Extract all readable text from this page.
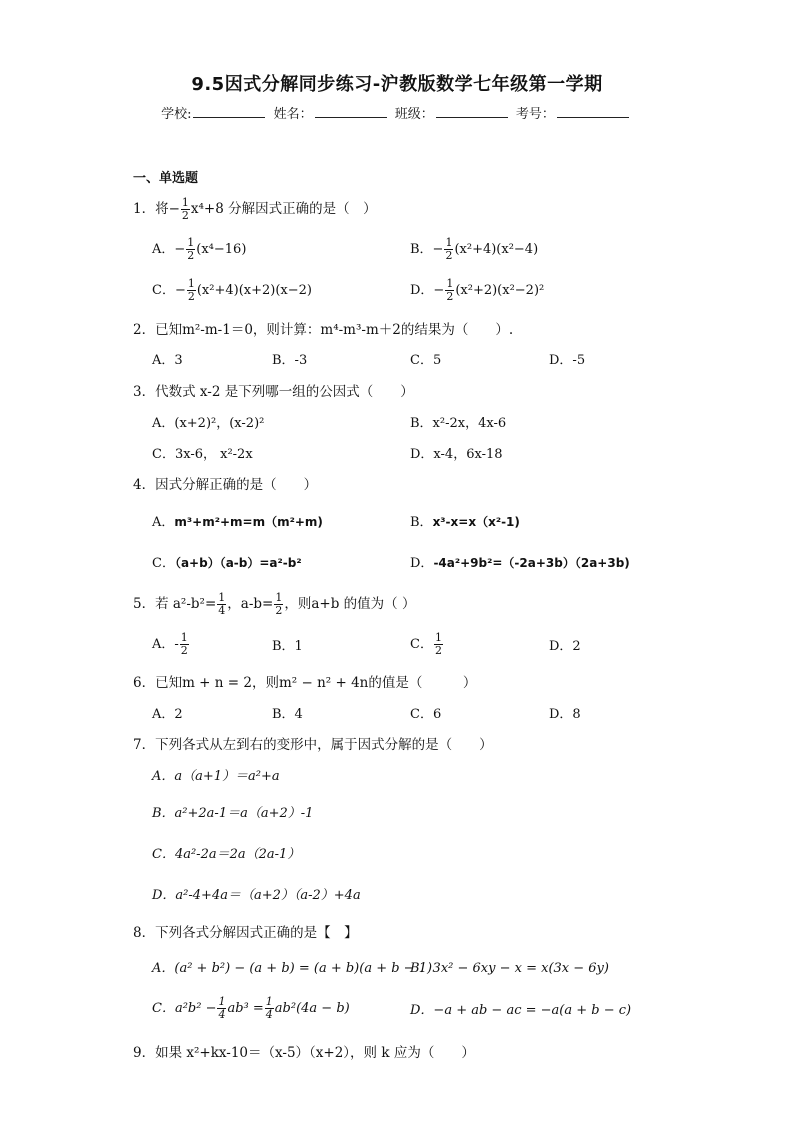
9.5因式分解同步练习-沪教版数学七年级第一学期
学校:	姓名：	班级：	考号：
一、单选题
1．将− $\frac{1}{2} x^4+8$ 分解因式正确的是（　）
A．− $\frac{1}{2} (x^4-16)$	B．− $\frac{1}{2} (x^2+4)(x^2-4)$
C．− $\frac{1}{2} (x^2+4)(x+2)(x-2)$	D．− $\frac{1}{2} (x^2+2)(x^2-2)^2$
2．已知m²-m-1＝0，则计算：m⁴-m³-m＋2的结果为（　　）.
A．3	B．-3	C．5	D．-5
3．代数式 x-2 是下列哪一组的公因式（　　）
A．(x+2)²，(x-2)²	B．x²-2x，4x-6
C．3x-6， x²-2x	D．x-4，6x-18
4．因式分解正确的是（　　）
A．m³+m²+m=m（m²+m)	B．x³-x=x（x²-1)
C．（a+b）（a-b）=a²-b²	D．-4a²+9b²=（-2a+3b）（2a+3b)
5．若 $a^2-b^2= \frac{1}{4}$ ，$a-b= \frac{1}{2}$ ，则a+b 的值为（ ）
A．- $\frac{1}{2}$	B．1	C． $\frac{1}{2}$	D．2
6．已知m + n = 2，则m² − n² + 4n的值是（　　　）
A．2	B．4	C．6	D．8
7．下列各式从左到右的变形中，属于因式分解的是（　　）
A．a（a+1）＝a²+a
B．a²+2a-1＝a（a+2）-1
C．4a²-2a＝2a（2a-1）
D．a²-4+4a＝（a+2）（a-2）+4a
8．下列各式分解因式正确的是【　】
A．(a² + b²) − (a + b) = (a + b)(a + b − 1)
B．3x² − 6xy − x = x(3x − 6y)
C．$a^2b^2 - \frac{1}{4} ab^3 = \frac{1}{4} ab^2(4a - b)$	D．−a + ab − ac = −a(a + b − c)
9．如果 x²+kx-10＝（x-5）（x+2），则 k 应为（　　）
